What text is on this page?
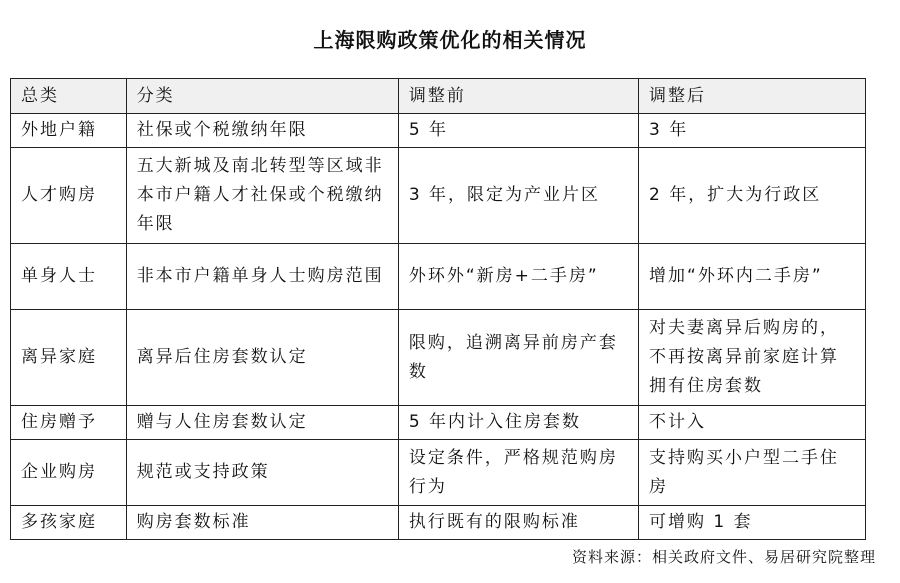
上海限购政策优化的相关情况
总类	分类	调整前	调整后
外地户籍	社保或个税缴纳年限	5 年	3 年
人才购房	五大新城及南北转型等区域非本市户籍人才社保或个税缴纳年限	3 年，限定为产业片区	2 年，扩大为行政区
单身人士	非本市户籍单身人士购房范围	外环外“新房+二手房”	增加“外环内二手房”
离异家庭	离异后住房套数认定	限购，追溯离异前房产套数	对夫妻离异后购房的，不再按离异前家庭计算拥有住房套数
住房赠予	赠与人住房套数认定	5 年内计入住房套数	不计入
企业购房	规范或支持政策	设定条件，严格规范购房行为	支持购买小户型二手住房
多孩家庭	购房套数标准	执行既有的限购标准	可增购 1 套
资料来源：相关政府文件、易居研究院整理
